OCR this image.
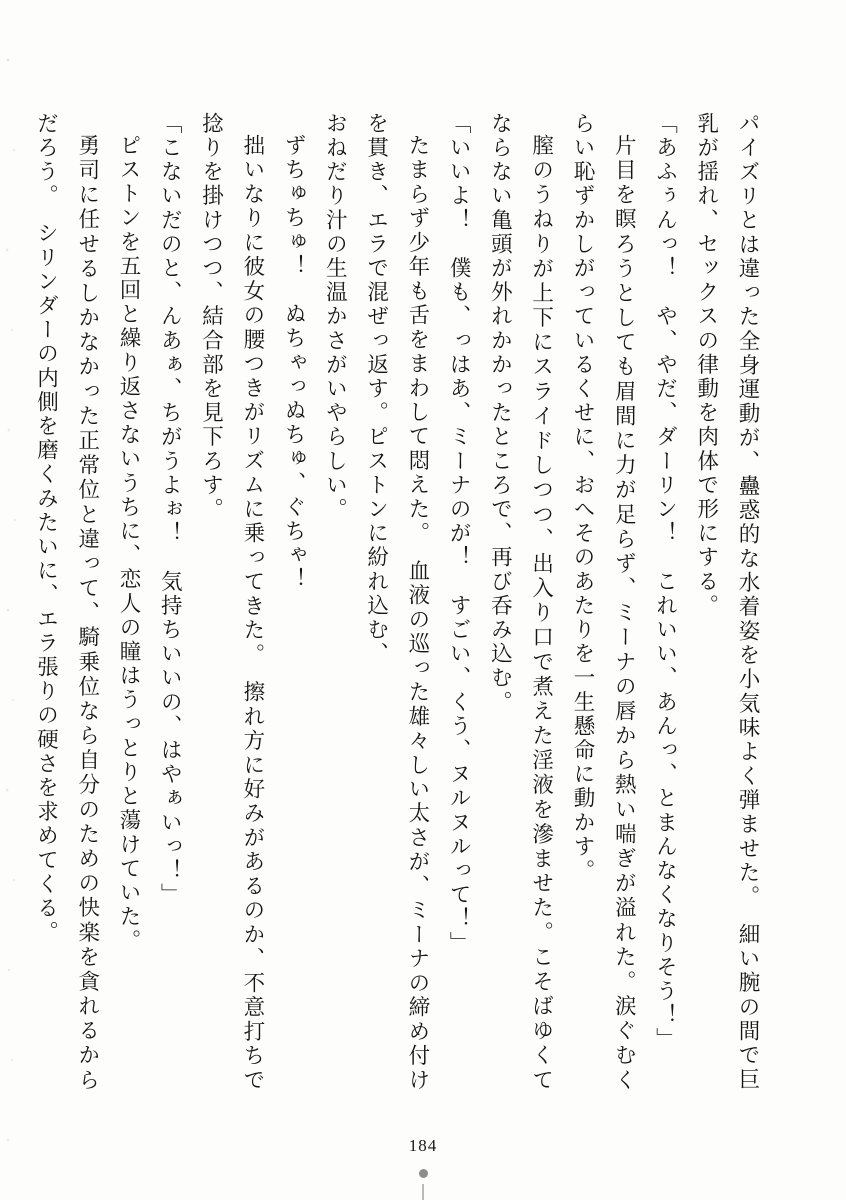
パイズリとは違った全身運動が、蠱惑的な水着姿を小気味よく弾ませた。　細い腕の間で巨乳が揺れ、セックスの律動を肉体で形にする。

「あふぅんっ！　や、やだ、ダーリン！　これいい、あんっ、とまんなくなりそう！」

片目を瞑ろうとしても眉間に力が足らず、ミーナの唇から熱い喘ぎが溢れた。涙ぐむくらい恥ずかしがっているくせに、おへそのあたりを一生懸命に動かす。

膣のうねりが上下にスライドしつつ、出入り口で煮えた淫液を滲ませた。こそばゆくてならない亀頭が外れかかったところで、再び呑み込む。

「いいよ！　僕も、っはあ、ミーナのが！　すごい、くう、ヌルヌルって！」

たまらず少年も舌をまわして悶えた。　血液の巡った雄々しい太さが、ミーナの締め付けを貫き、エラで混ぜっ返す。ピストンに紛れ込む、

おねだり汁の生温かさがいやらしい。

ずちゅちゅ！　ぬちゃっぬちゅ、ぐちゃ！

拙いなりに彼女の腰つきがリズムに乗ってきた。　擦れ方に好みがあるのか、不意打ちで捻りを掛けつつ、結合部を見下ろす。

「こないだのと、んあぁ、ちがうよぉ！　気持ちいいの、はやぁいっ！」

ピストンを五回と繰り返さないうちに、恋人の瞳はうっとりと蕩けていた。

勇司に任せるしかなかった正常位と違って、騎乗位なら自分のための快楽を貪れるからだろう。　シリンダーの内側を磨くみたいに、エラ張りの硬さを求めてくる。

184
